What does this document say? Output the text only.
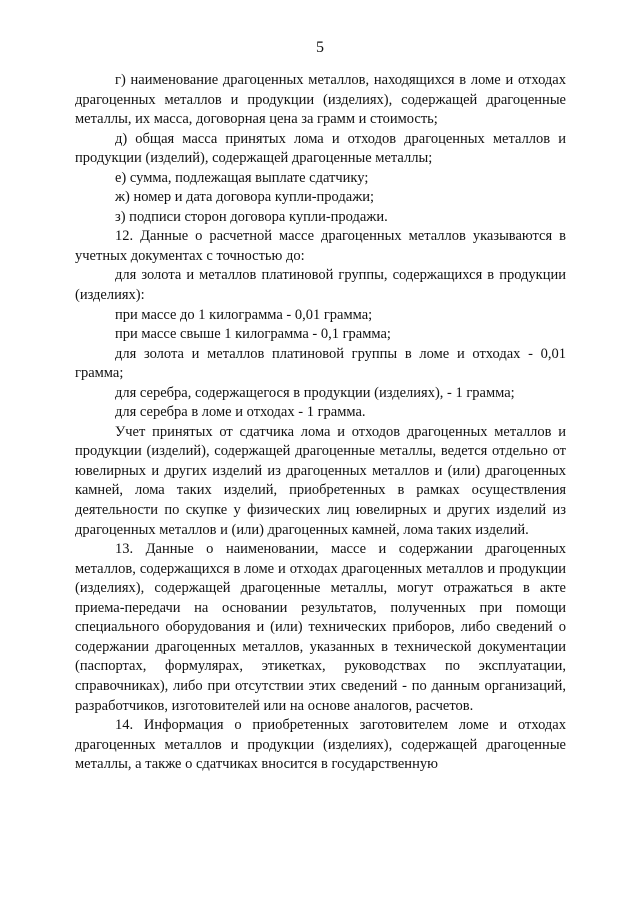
5

г) наименование драгоценных металлов, находящихся в ломе и отходах драгоценных металлов и продукции (изделиях), содержащей драгоценные металлы, их масса, договорная цена за грамм и стоимость;

д) общая масса принятых лома и отходов драгоценных металлов и продукции (изделий), содержащей драгоценные металлы;

е) сумма, подлежащая выплате сдатчику;

ж) номер и дата договора купли-продажи;

з) подписи сторон договора купли-продажи.

12. Данные о расчетной массе драгоценных металлов указываются в учетных документах с точностью до:

для золота и металлов платиновой группы, содержащихся в продукции (изделиях):

при массе до 1 килограмма - 0,01 грамма;

при массе свыше 1 килограмма - 0,1 грамма;

для золота и металлов платиновой группы в ломе и отходах - 0,01 грамма;

для серебра, содержащегося в продукции (изделиях), - 1 грамма;

для серебра в ломе и отходах - 1 грамма.

Учет принятых от сдатчика лома и отходов драгоценных металлов и продукции (изделий), содержащей драгоценные металлы, ведется отдельно от ювелирных и других изделий из драгоценных металлов и (или) драгоценных камней, лома таких изделий, приобретенных в рамках осуществления деятельности по скупке у физических лиц ювелирных и других изделий из драгоценных металлов и (или) драгоценных камней, лома таких изделий.

13. Данные о наименовании, массе и содержании драгоценных металлов, содержащихся в ломе и отходах драгоценных металлов и продукции (изделиях), содержащей драгоценные металлы, могут отражаться в акте приема-передачи на основании результатов, полученных при помощи специального оборудования и (или) технических приборов, либо сведений о содержании драгоценных металлов, указанных в технической документации (паспортах, формулярах, этикетках, руководствах по эксплуатации, справочниках), либо при отсутствии этих сведений - по данным организаций, разработчиков, изготовителей или на основе аналогов, расчетов.

14. Информация о приобретенных заготовителем ломе и отходах драгоценных металлов и продукции (изделиях), содержащей драгоценные металлы, а также о сдатчиках вносится в государственную
